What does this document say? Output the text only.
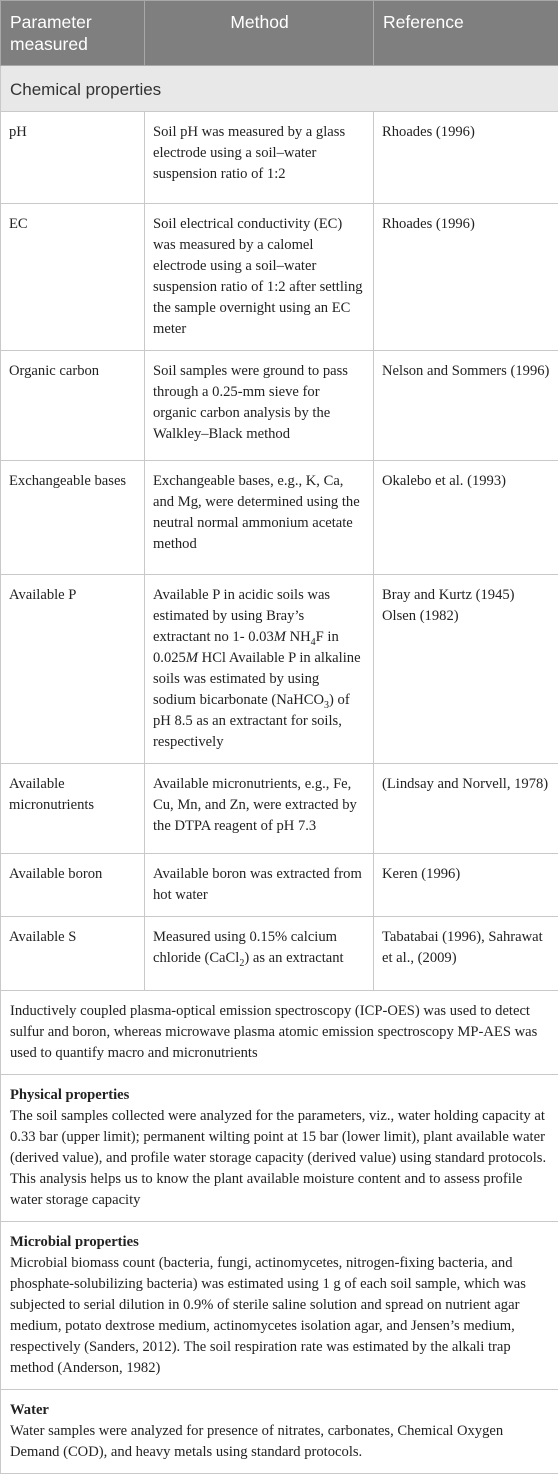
Parameter measured	Method	Reference
Chemical properties		
pH	Soil pH was measured by a glass electrode using a soil–water suspension ratio of 1:2	Rhoades (1996)
EC	Soil electrical conductivity (EC) was measured by a calomel electrode using a soil–water suspension ratio of 1:2 after settling the sample overnight using an EC meter	Rhoades (1996)
Organic carbon	Soil samples were ground to pass through a 0.25-mm sieve for organic carbon analysis by the Walkley–Black method	Nelson and Sommers (1996)
Exchangeable bases	Exchangeable bases, e.g., K, Ca, and Mg, were determined using the neutral normal ammonium acetate method	Okalebo et al. (1993)
Available P	Available P in acidic soils was estimated by using Bray’s extractant no 1- 0.03M $NH_4F$ in 0.025M HCl Available P in alkaline soils was estimated by using sodium bicarbonate (NaHCO$_3$) of pH 8.5 as an extractant for soils, respectively	Bray and Kurtz (1945)
Olsen (1982)
Available micronutrients	Available micronutrients, e.g., Fe, Cu, Mn, and Zn, were extracted by the DTPA reagent of pH 7.3	(Lindsay and Norvell, 1978)
Available boron	Available boron was extracted from hot water	Keren (1996)
Available S	Measured using 0.15% calcium chloride (CaCl$_2$) as an extractant	Tabatabai (1996), Sahrawat et al., (2009)
Inductively coupled plasma-optical emission spectroscopy (ICP-OES) was used to detect sulfur and boron, whereas microwave plasma atomic emission spectroscopy MP-AES was used to quantify macro and micronutrients		

Physical properties
The soil samples collected were analyzed for the parameters, viz., water holding capacity at 0.33 bar (upper limit); permanent wilting point at 15 bar (lower limit), plant available water (derived value), and profile water storage capacity (derived value) using standard protocols. This analysis helps us to know the plant available moisture content and to assess profile water storage capacity		

Microbial properties
Microbial biomass count (bacteria, fungi, actinomycetes, nitrogen-fixing bacteria, and phosphate-solubilizing bacteria) was estimated using 1 g of each soil sample, which was subjected to serial dilution in 0.9% of sterile saline solution and spread on nutrient agar medium, potato dextrose medium, actinomycetes isolation agar, and Jensen’s medium, respectively (Sanders, 2012). The soil respiration rate was estimated by the alkali trap method (Anderson, 1982)		

Water
Water samples were analyzed for presence of nitrates, carbonates, Chemical Oxygen Demand (COD), and heavy metals using standard protocols.		
